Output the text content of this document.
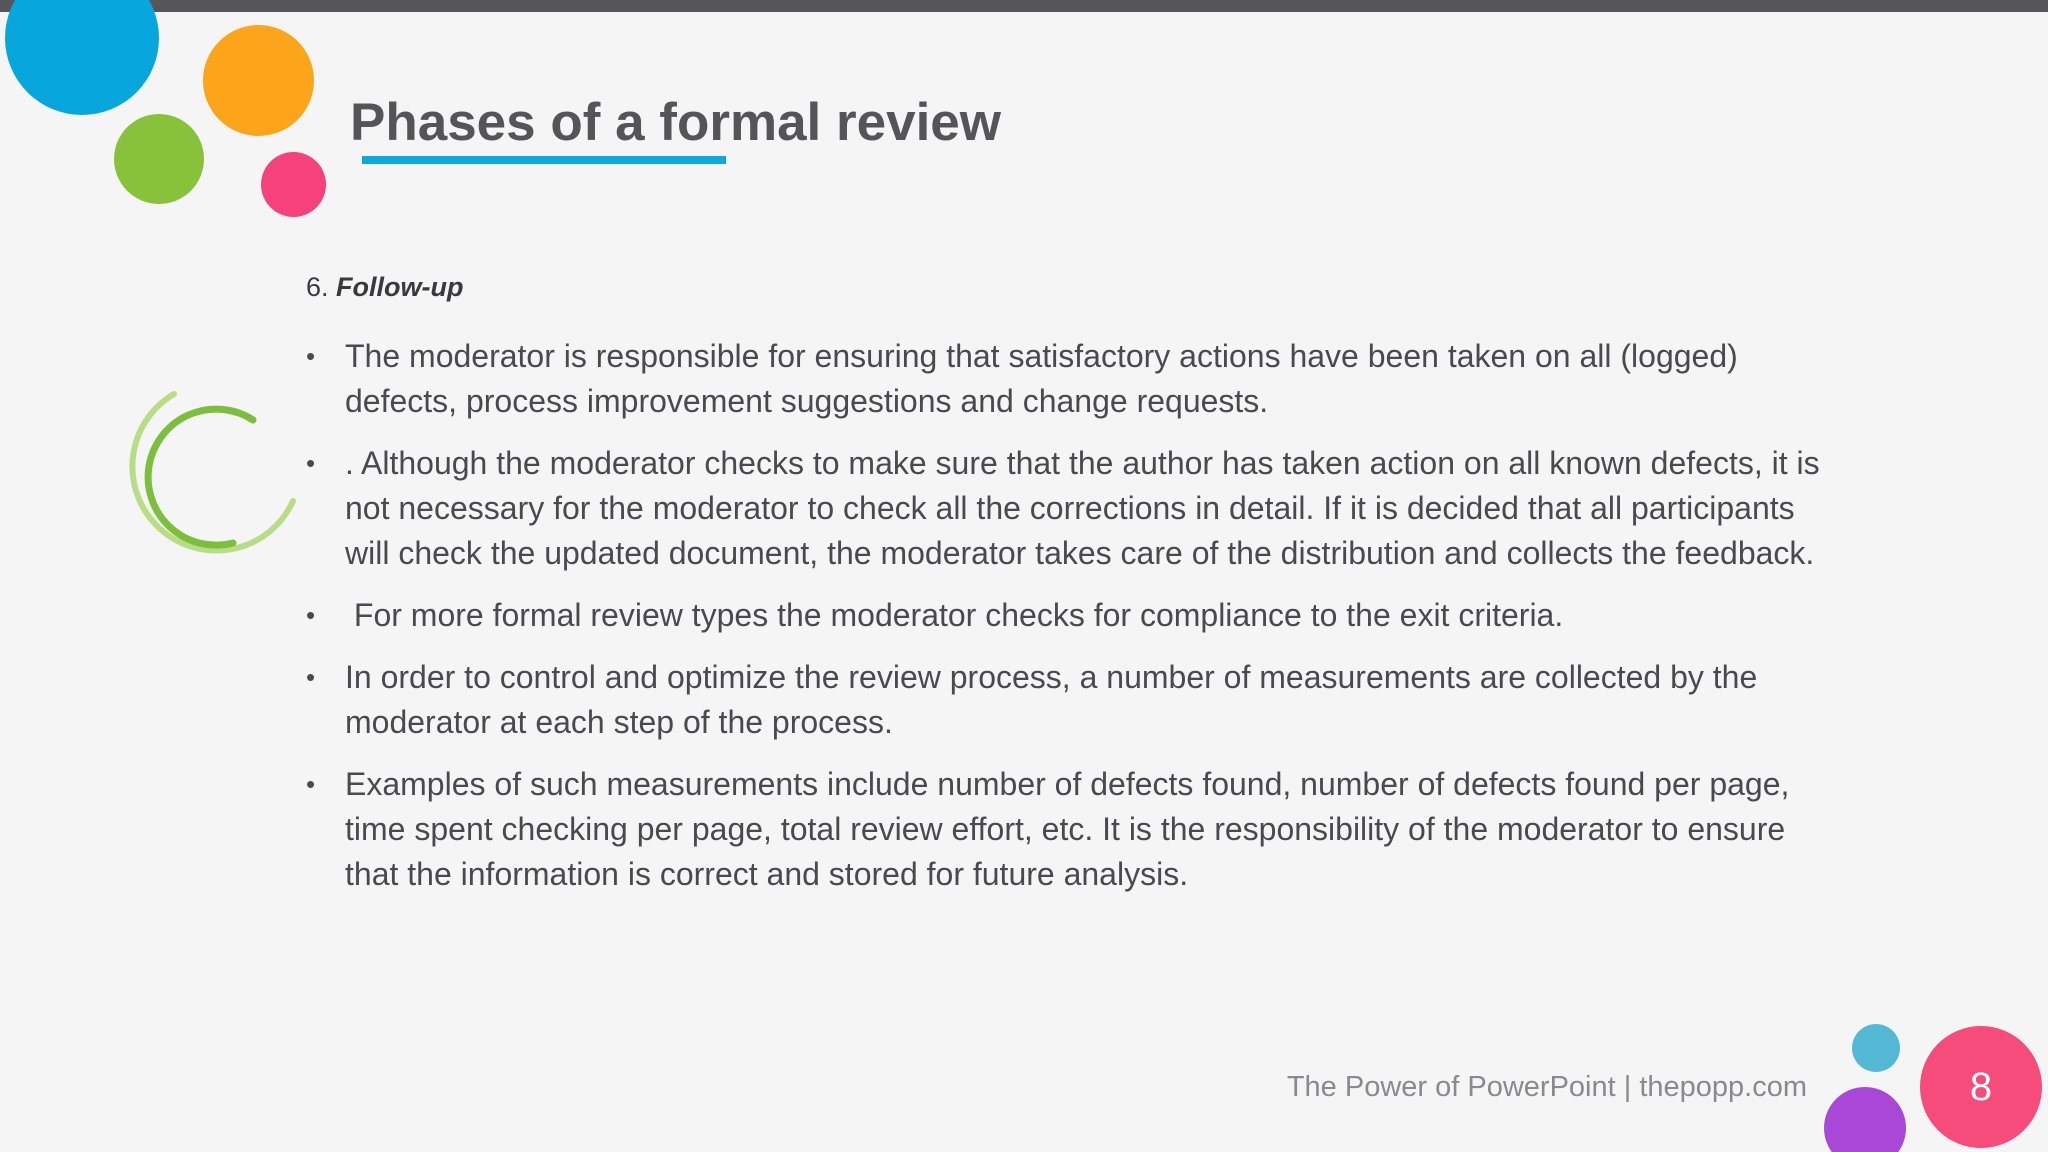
Phases of a formal review
6. Follow-up
• The moderator is responsible for ensuring that satisfactory actions have been taken on all (logged) defects, process improvement suggestions and change requests.
• . Although the moderator checks to make sure that the author has taken action on all known defects, it is not necessary for the moderator to check all the corrections in detail. If it is decided that all participants will check the updated document, the moderator takes care of the distribution and collects the feedback.
• For more formal review types the moderator checks for compliance to the exit criteria.
• In order to control and optimize the review process, a number of measurements are collected by the moderator at each step of the process.
• Examples of such measurements include number of defects found, number of defects found per page, time spent checking per page, total review effort, etc. It is the responsibility of the moderator to ensure that the information is correct and stored for future analysis.
The Power of PowerPoint | thepopp.com	8
